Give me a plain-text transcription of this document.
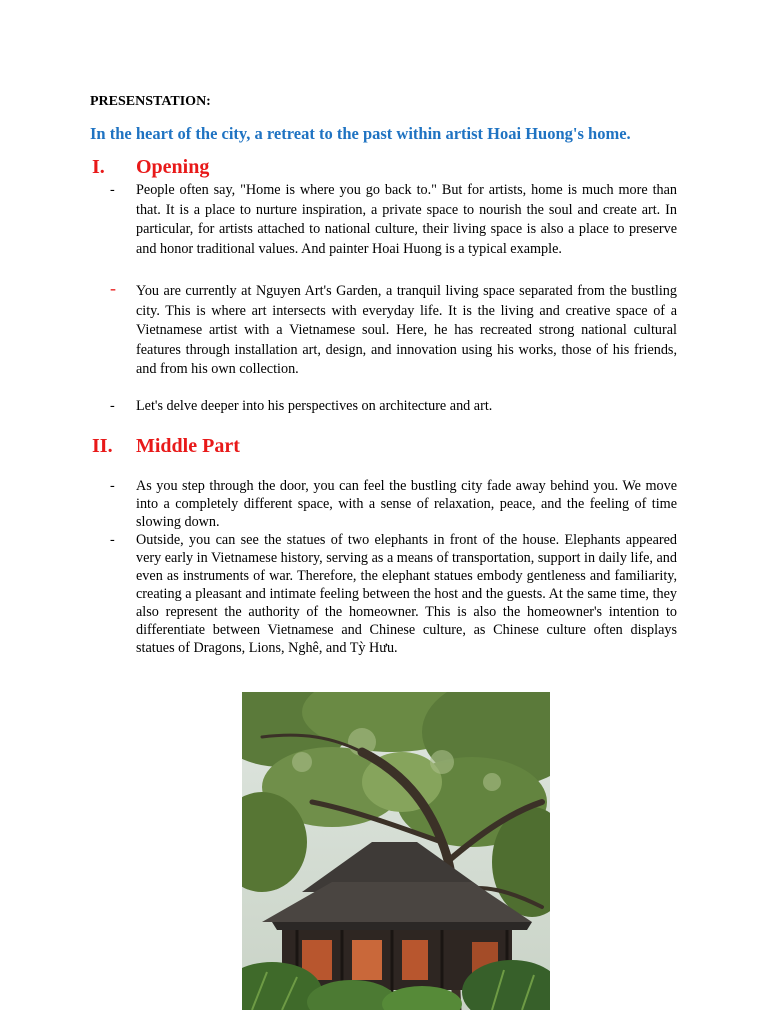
PRESENSTATION:
In the heart of the city, a retreat to the past within artist Hoai Huong's home.
I. Opening
-	People often say, "Home is where you go back to." But for artists, home is much more than that. It is a place to nurture inspiration, a private space to nourish the soul and create art. In particular, for artists attached to national culture, their living space is also a place to preserve and honor traditional values. And painter Hoai Huong is a typical example.
-	You are currently at Nguyen Art's Garden, a tranquil living space separated from the bustling city. This is where art intersects with everyday life. It is the living and creative space of a Vietnamese artist with a Vietnamese soul. Here, he has recreated strong national cultural features through installation art, design, and innovation using his works, those of his friends, and from his own collection.
-	Let's delve deeper into his perspectives on architecture and art.
II. Middle Part
-	As you step through the door, you can feel the bustling city fade away behind you. We move into a completely different space, with a sense of relaxation, peace, and the feeling of time slowing down.
-	Outside, you can see the statues of two elephants in front of the house. Elephants appeared very early in Vietnamese history, serving as a means of transportation, support in daily life, and even as instruments of war. Therefore, the elephant statues embody gentleness and familiarity, creating a pleasant and intimate feeling between the host and the guests. At the same time, they also represent the authority of the homeowner. This is also the homeowner's intention to differentiate between Vietnamese and Chinese culture, as Chinese culture often displays statues of Dragons, Lions, Nghê, and Tỳ Hưu.
